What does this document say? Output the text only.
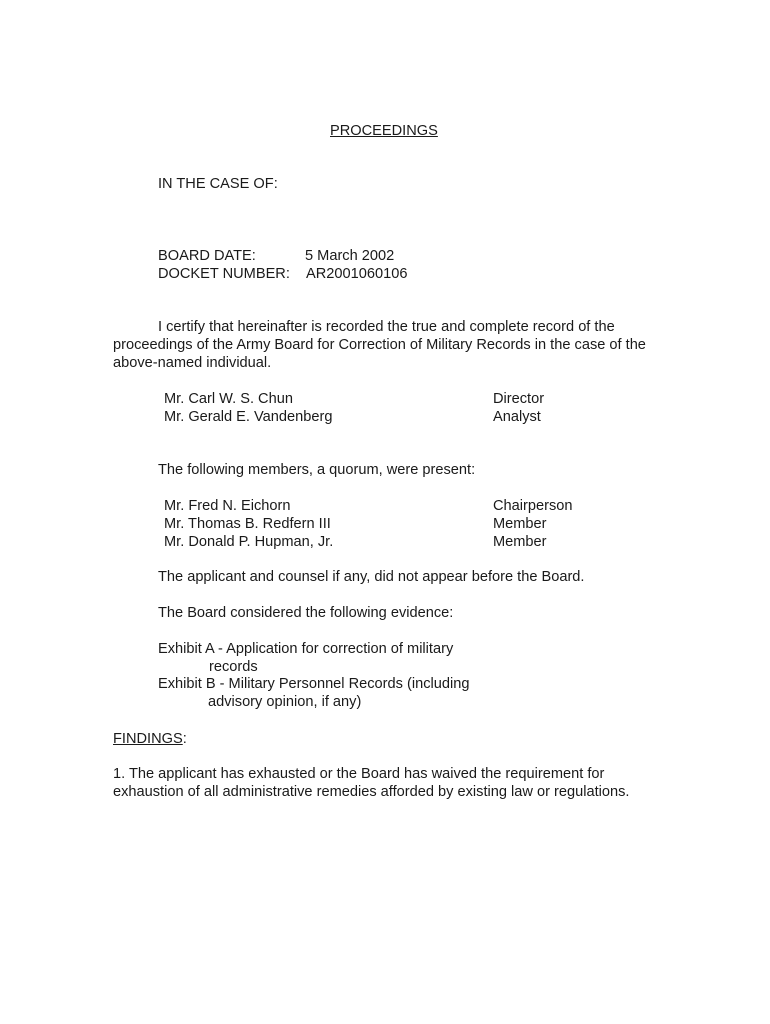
PROCEEDINGS
IN THE CASE OF:
BOARD DATE:	5 March 2002
DOCKET NUMBER: AR2001060106
I certify that hereinafter is recorded the true and complete record of the proceedings of the Army Board for Correction of Military Records in the case of the above-named individual.
Mr. Carl W. S. Chun	Director
Mr. Gerald E. Vandenberg	Analyst
The following members, a quorum, were present:
Mr. Fred N. Eichorn	Chairperson
Mr. Thomas B. Redfern III	Member
Mr. Donald P. Hupman, Jr.	Member
The applicant and counsel if any, did not appear before the Board.
The Board considered the following evidence:
Exhibit A - Application for correction of military
records
Exhibit B - Military Personnel Records (including
advisory opinion, if any)
FINDINGS:
1. The applicant has exhausted or the Board has waived the requirement for exhaustion of all administrative remedies afforded by existing law or regulations.
